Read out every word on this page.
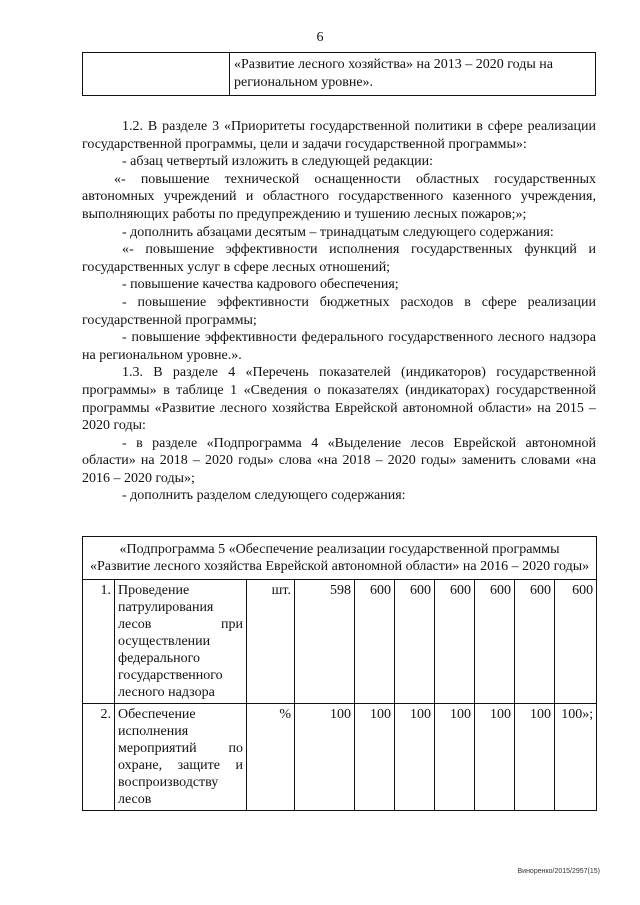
6
	«Развитие лесного хозяйства» на 2013 – 2020 годы на региональном уровне».

1.2. В разделе 3 «Приоритеты государственной политики в сфере реализации государственной программы, цели и задачи государственной программы»:

- абзац четвертый изложить в следующей редакции:

«- повышение технической оснащенности областных государственных автономных учреждений и областного государственного казенного учреждения, выполняющих работы по предупреждению и тушению лесных пожаров;»;

- дополнить абзацами десятым – тринадцатым следующего содержания:

«- повышение эффективности исполнения государственных функций и государственных услуг в сфере лесных отношений;

- повышение качества кадрового обеспечения;

- повышение эффективности бюджетных расходов в сфере реализации государственной программы;

- повышение эффективности федерального государственного лесного надзора на региональном уровне.».

1.3. В разделе 4 «Перечень показателей (индикаторов) государственной программы» в таблице 1 «Сведения о показателях (индикаторах) государственной программы «Развитие лесного хозяйства Еврейской автономной области» на 2015 – 2020 годы:

- в разделе «Подпрограмма 4 «Выделение лесов Еврейской автономной области» на 2018 – 2020 годы» слова «на 2018 – 2020 годы» заменить словами «на 2016 – 2020 годы»;

- дополнить разделом следующего содержания:

«Подпрограмма 5 «Обеспечение реализации государственной программы «Развитие лесного хозяйства Еврейской автономной области» на 2016 – 2020 годы»									
1.	Проведение патрулирования лесов при осуществлении федерального государственного лесного надзора	шт.	598	600	600	600	600	600	600
2.	Обеспечение исполнения мероприятий по охране, защите и воспроизводству лесов	%	100	100	100	100	100	100	100»;
Виноренко/2015/2957(15)
